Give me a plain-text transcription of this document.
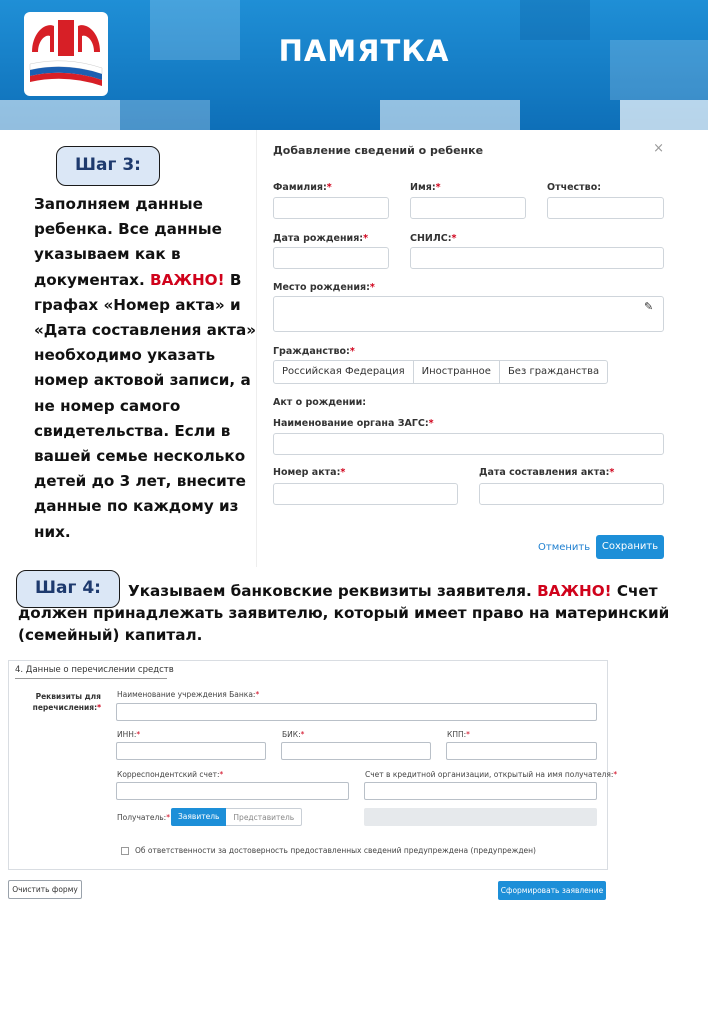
ПАМЯТКА
Шаг 3:
Заполняем данные ребенка. Все данные указываем как в документах. ВАЖНО! В графах «Номер акта» и «Дата составления акта» необходимо указать номер актовой записи, а не номер самого свидетельства. Если в вашей семье несколько детей до 3 лет, внесите данные по каждому из них.
Добавление сведений о ребенке	×
Фамилия:*	Имя:*	Отчество:
Дата рождения:*	СНИЛС:*
Место рождения:*
✎
Гражданство:*
Российская Федерация	Иностранное	Без гражданства
Акт о рождении:
Наименование органа ЗАГС:*
Номер акта:*	Дата составления акта:*
Отменить	Сохранить
Шаг 4:	Указываем банковские реквизиты заявителя. ВАЖНО! Счет должен принадлежать заявителю, который имеет право на материнский (семейный) капитал.
4. Данные о перечислении средств
Реквизиты для
перечисления:*
Наименование учреждения Банка:*
ИНН:*	БИК:*	КПП:*
Корреспондентский счет:*	Счет в кредитной организации, открытый на имя получателя:*
Получатель:*	Заявитель	Представитель
Об ответственности за достоверность предоставленных сведений предупреждена (предупрежден)
Очистить форму	Сформировать заявление
